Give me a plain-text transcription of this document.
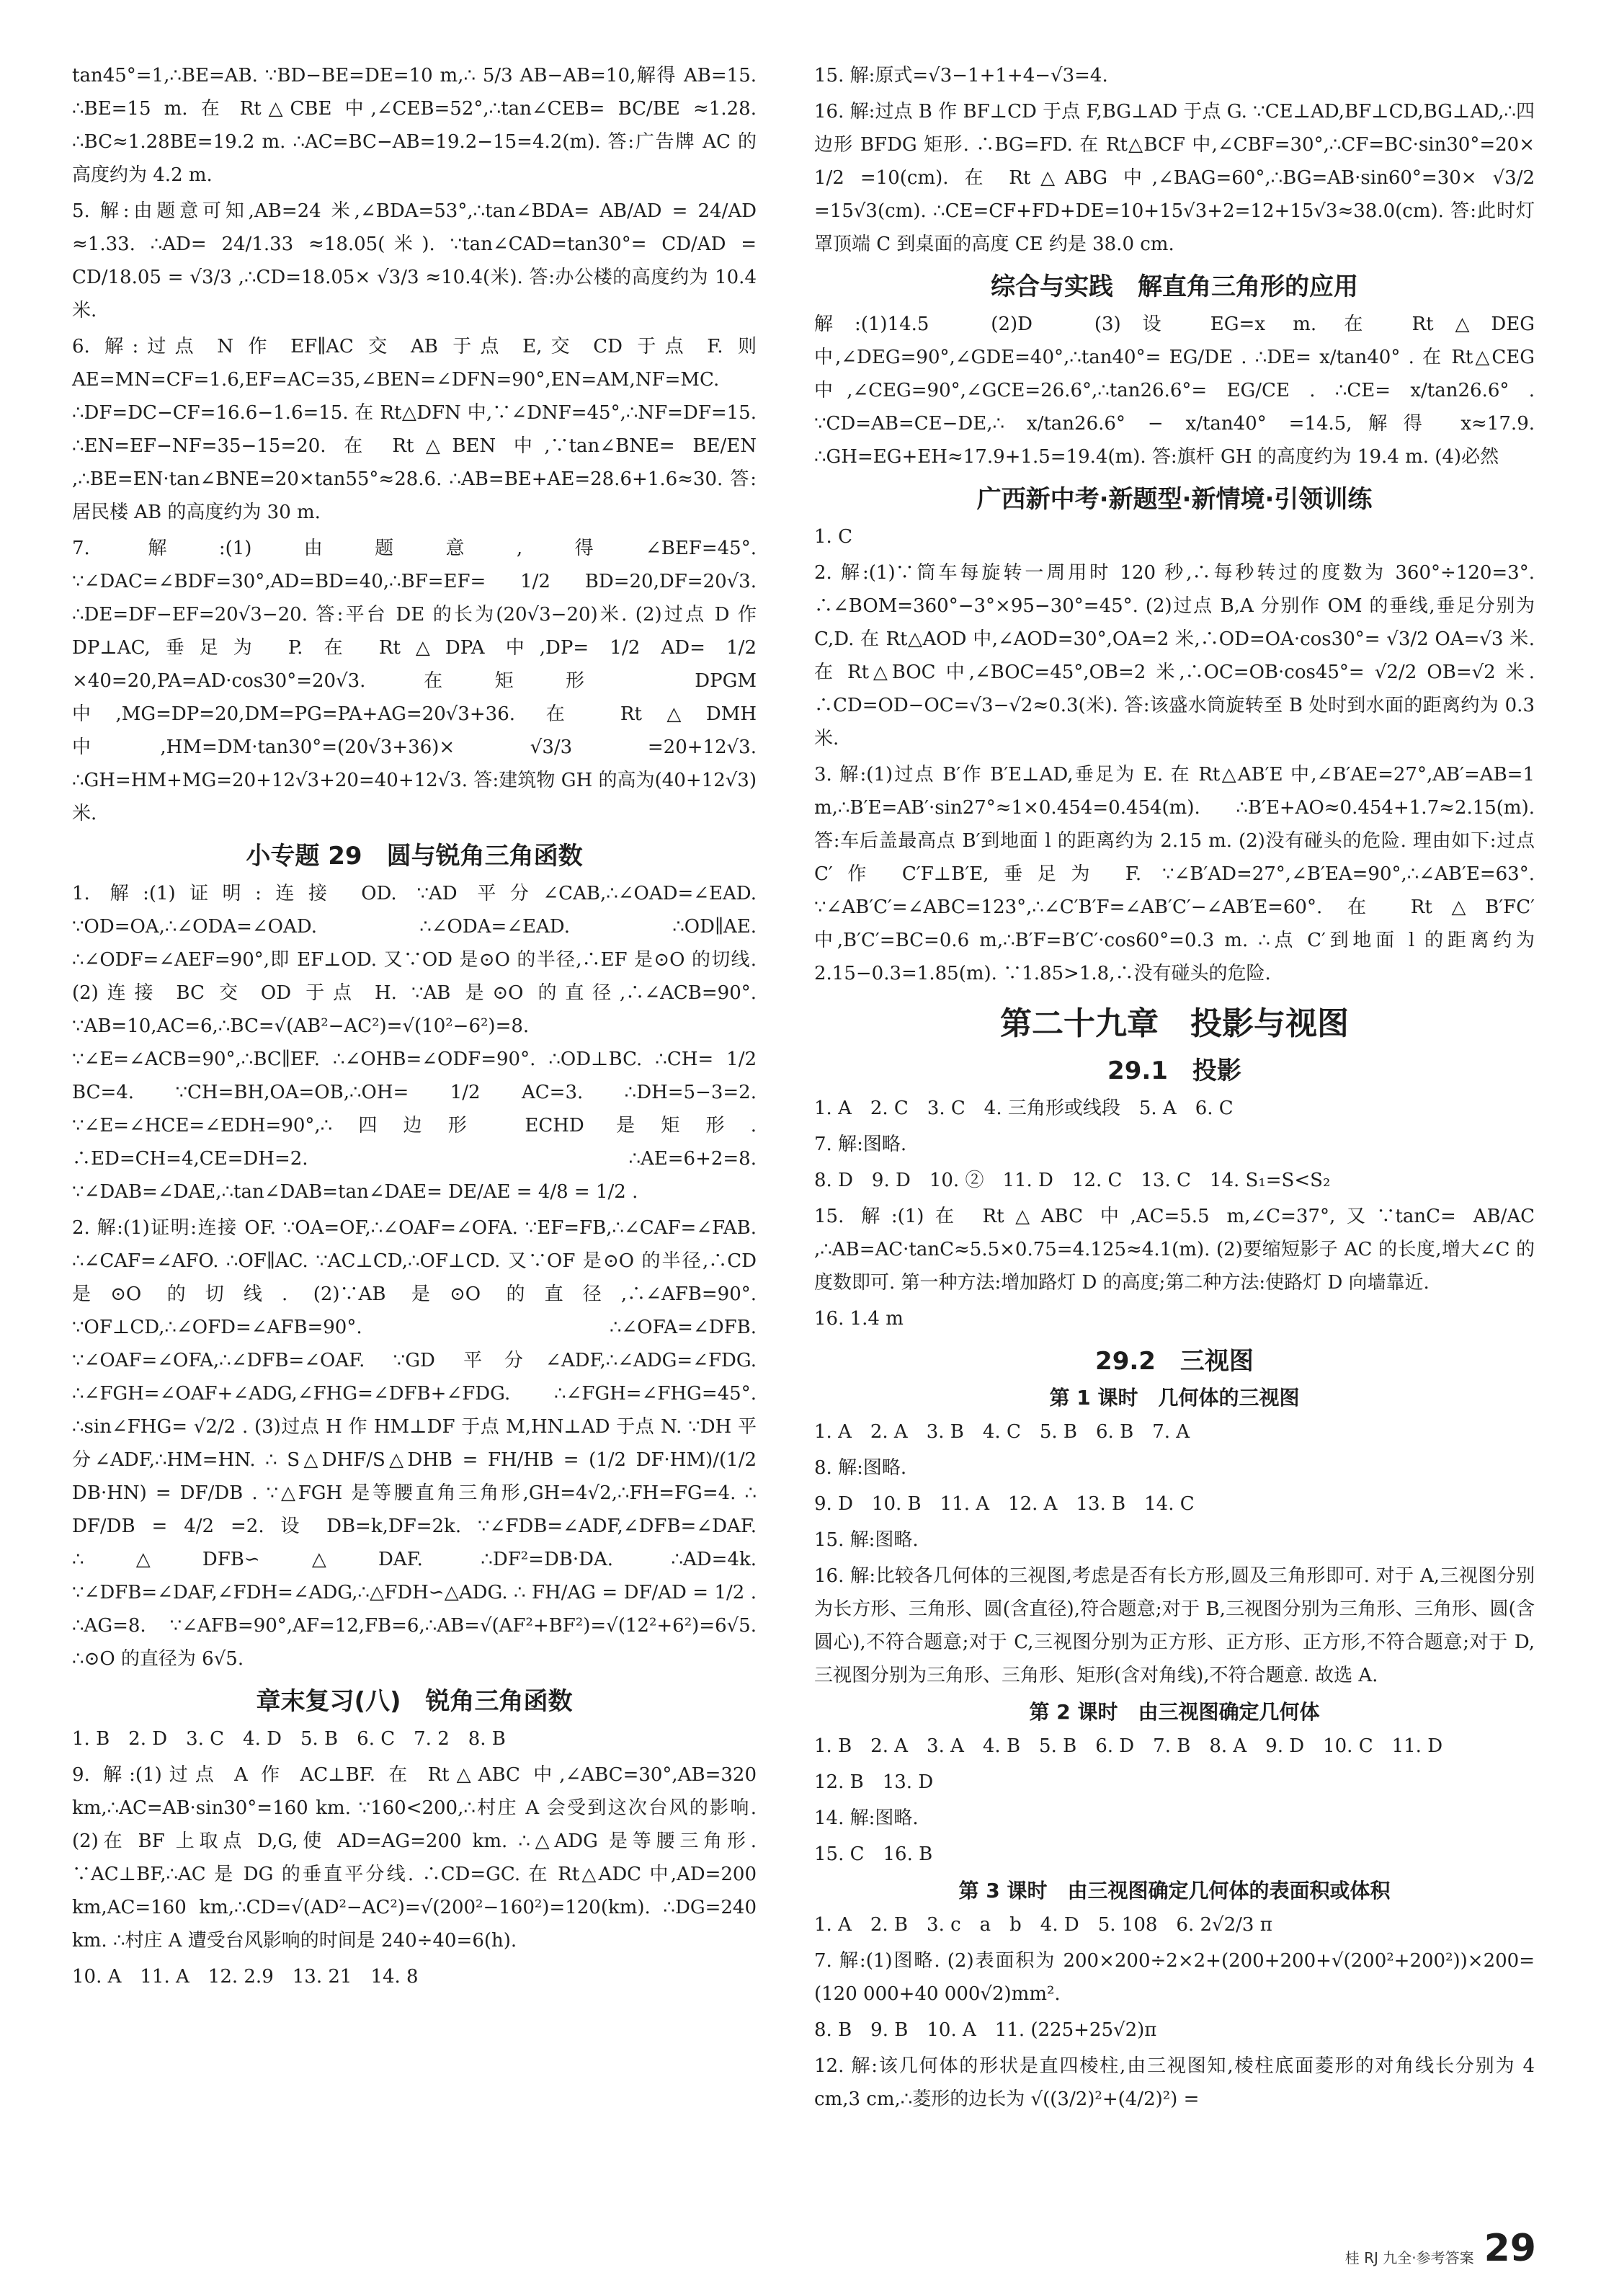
tan45°=1,∴BE=AB. ∵BD−BE=DE=10 m,∴ 5/3 AB−AB=10,解得 AB=15. ∴BE=15 m. 在 Rt△CBE 中,∠CEB=52°,∴tan∠CEB= BC/BE ≈1.28. ∴BC≈1.28BE=19.2 m. ∴AC=BC−AB=19.2−15=4.2(m). 答:广告牌 AC 的高度约为 4.2 m.
5. 解:由题意可知,AB=24 米,∠BDA=53°,∴tan∠BDA= AB/AD = 24/AD ≈1.33. ∴AD= 24/1.33 ≈18.05(米). ∵tan∠CAD=tan30°= CD/AD = CD/18.05 = √3/3 ,∴CD=18.05× √3/3 ≈10.4(米). 答:办公楼的高度约为 10.4 米.
6. 解:过点 N 作 EF∥AC 交 AB 于点 E,交 CD 于点 F. 则 AE=MN=CF=1.6,EF=AC=35,∠BEN=∠DFN=90°,EN=AM,NF=MC. ∴DF=DC−CF=16.6−1.6=15. 在 Rt△DFN 中,∵∠DNF=45°,∴NF=DF=15. ∴EN=EF−NF=35−15=20. 在 Rt△BEN 中,∵tan∠BNE= BE/EN ,∴BE=EN·tan∠BNE=20×tan55°≈28.6. ∴AB=BE+AE=28.6+1.6≈30. 答:居民楼 AB 的高度约为 30 m.
7. 解:(1)由题意,得∠BEF=45°. ∵∠DAC=∠BDF=30°,AD=BD=40,∴BF=EF= 1/2 BD=20,DF=20√3. ∴DE=DF−EF=20√3−20. 答:平台 DE 的长为(20√3−20)米. (2)过点 D 作 DP⊥AC,垂足为 P. 在 Rt△DPA 中,DP= 1/2 AD= 1/2 ×40=20,PA=AD·cos30°=20√3. 在矩形 DPGM 中,MG=DP=20,DM=PG=PA+AG=20√3+36. 在 Rt△DMH 中,HM=DM·tan30°=(20√3+36)× √3/3 =20+12√3. ∴GH=HM+MG=20+12√3+20=40+12√3. 答:建筑物 GH 的高为(40+12√3)米.
小专题 29　圆与锐角三角函数
1. 解:(1)证明:连接 OD. ∵AD 平分∠CAB,∴∠OAD=∠EAD. ∵OD=OA,∴∠ODA=∠OAD. ∴∠ODA=∠EAD. ∴OD∥AE. ∴∠ODF=∠AEF=90°,即 EF⊥OD. 又∵OD 是⊙O 的半径,∴EF 是⊙O 的切线. (2)连接 BC 交 OD 于点 H. ∵AB 是⊙O 的直径,∴∠ACB=90°. ∵AB=10,AC=6,∴BC=√(AB²−AC²)=√(10²−6²)=8. ∵∠E=∠ACB=90°,∴BC∥EF. ∴∠OHB=∠ODF=90°. ∴OD⊥BC. ∴CH= 1/2 BC=4. ∵CH=BH,OA=OB,∴OH= 1/2 AC=3. ∴DH=5−3=2. ∵∠E=∠HCE=∠EDH=90°,∴四边形 ECHD 是矩形. ∴ED=CH=4,CE=DH=2. ∴AE=6+2=8. ∵∠DAB=∠DAE,∴tan∠DAB=tan∠DAE= DE/AE = 4/8 = 1/2 .
2. 解:(1)证明:连接 OF. ∵OA=OF,∴∠OAF=∠OFA. ∵EF=FB,∴∠CAF=∠FAB. ∴∠CAF=∠AFO. ∴OF∥AC. ∵AC⊥CD,∴OF⊥CD. 又∵OF 是⊙O 的半径,∴CD 是⊙O 的切线. (2)∵AB 是⊙O 的直径,∴∠AFB=90°. ∵OF⊥CD,∴∠OFD=∠AFB=90°. ∴∠OFA=∠DFB. ∵∠OAF=∠OFA,∴∠DFB=∠OAF. ∵GD 平分∠ADF,∴∠ADG=∠FDG. ∴∠FGH=∠OAF+∠ADG,∠FHG=∠DFB+∠FDG. ∴∠FGH=∠FHG=45°. ∴sin∠FHG= √2/2 . (3)过点 H 作 HM⊥DF 于点 M,HN⊥AD 于点 N. ∵DH 平分∠ADF,∴HM=HN. ∴ S△DHF/S△DHB = FH/HB = (1/2 DF·HM)/(1/2 DB·HN) = DF/DB . ∵△FGH 是等腰直角三角形,GH=4√2,∴FH=FG=4. ∴ DF/DB = 4/2 =2. 设 DB=k,DF=2k. ∵∠FDB=∠ADF,∠DFB=∠DAF. ∴△DFB∽△DAF. ∴DF²=DB·DA. ∴AD=4k. ∵∠DFB=∠DAF,∠FDH=∠ADG,∴△FDH∽△ADG. ∴ FH/AG = DF/AD = 1/2 . ∴AG=8. ∵∠AFB=90°,AF=12,FB=6,∴AB=√(AF²+BF²)=√(12²+6²)=6√5. ∴⊙O 的直径为 6√5.
章末复习(八)　锐角三角函数
1. B　2. D　3. C　4. D　5. B　6. C　7. 2　8. B
9. 解:(1)过点 A 作 AC⊥BF. 在 Rt△ABC 中,∠ABC=30°,AB=320 km,∴AC=AB·sin30°=160 km. ∵160<200,∴村庄 A 会受到这次台风的影响. (2)在 BF 上取点 D,G,使 AD=AG=200 km. ∴△ADG 是等腰三角形. ∵AC⊥BF,∴AC 是 DG 的垂直平分线. ∴CD=GC. 在 Rt△ADC 中,AD=200 km,AC=160 km,∴CD=√(AD²−AC²)=√(200²−160²)=120(km). ∴DG=240 km. ∴村庄 A 遭受台风影响的时间是 240÷40=6(h).
10. A　11. A　12. 2.9　13. 21　14. 8
15. 解:原式=√3−1+1+4−√3=4.
16. 解:过点 B 作 BF⊥CD 于点 F,BG⊥AD 于点 G. ∵CE⊥AD,BF⊥CD,BG⊥AD,∴四边形 BFDG 矩形. ∴BG=FD. 在 Rt△BCF 中,∠CBF=30°,∴CF=BC·sin30°=20× 1/2 =10(cm). 在 Rt△ABG 中,∠BAG=60°,∴BG=AB·sin60°=30× √3/2 =15√3(cm). ∴CE=CF+FD+DE=10+15√3+2=12+15√3≈38.0(cm). 答:此时灯罩顶端 C 到桌面的高度 CE 约是 38.0 cm.
综合与实践　解直角三角形的应用
解:(1)14.5　(2)D　(3)设 EG=x m. 在 Rt△DEG 中,∠DEG=90°,∠GDE=40°,∴tan40°= EG/DE . ∴DE= x/tan40° . 在 Rt△CEG 中,∠CEG=90°,∠GCE=26.6°,∴tan26.6°= EG/CE . ∴CE= x/tan26.6° . ∵CD=AB=CE−DE,∴ x/tan26.6° − x/tan40° =14.5,解得 x≈17.9. ∴GH=EG+EH≈17.9+1.5=19.4(m). 答:旗杆 GH 的高度约为 19.4 m. (4)必然
广西新中考·新题型·新情境·引领训练
1. C
2. 解:(1)∵筒车每旋转一周用时 120 秒,∴每秒转过的度数为 360°÷120=3°. ∴∠BOM=360°−3°×95−30°=45°. (2)过点 B,A 分别作 OM 的垂线,垂足分别为 C,D. 在 Rt△AOD 中,∠AOD=30°,OA=2 米,∴OD=OA·cos30°= √3/2 OA=√3 米. 在 Rt△BOC 中,∠BOC=45°,OB=2 米,∴OC=OB·cos45°= √2/2 OB=√2 米. ∴CD=OD−OC=√3−√2≈0.3(米). 答:该盛水筒旋转至 B 处时到水面的距离约为 0.3 米.
3. 解:(1)过点 B′作 B′E⊥AD,垂足为 E. 在 Rt△AB′E 中,∠B′AE=27°,AB′=AB=1 m,∴B′E=AB′·sin27°≈1×0.454=0.454(m). ∴B′E+AO≈0.454+1.7≈2.15(m). 答:车后盖最高点 B′到地面 l 的距离约为 2.15 m. (2)没有碰头的危险. 理由如下:过点 C′作 C′F⊥B′E,垂足为 F. ∵∠B′AD=27°,∠B′EA=90°,∴∠AB′E=63°. ∵∠AB′C′=∠ABC=123°,∴∠C′B′F=∠AB′C′−∠AB′E=60°. 在 Rt△B′FC′中,B′C′=BC=0.6 m,∴B′F=B′C′·cos60°=0.3 m. ∴点 C′到地面 l 的距离约为 2.15−0.3=1.85(m). ∵1.85>1.8,∴没有碰头的危险.
第二十九章　投影与视图
29.1　投影
1. A　2. C　3. C　4. 三角形或线段　5. A　6. C
7. 解:图略.
8. D　9. D　10. ②　11. D　12. C　13. C　14. S₁=S<S₂
15. 解:(1)在 Rt△ABC 中,AC=5.5 m,∠C=37°,又∵tanC= AB/AC ,∴AB=AC·tanC≈5.5×0.75=4.125≈4.1(m). (2)要缩短影子 AC 的长度,增大∠C 的度数即可. 第一种方法:增加路灯 D 的高度;第二种方法:使路灯 D 向墙靠近.
16. 1.4 m
29.2　三视图
第 1 课时　几何体的三视图
1. A　2. A　3. B　4. C　5. B　6. B　7. A
8. 解:图略.
9. D　10. B　11. A　12. A　13. B　14. C
15. 解:图略.
16. 解:比较各几何体的三视图,考虑是否有长方形,圆及三角形即可. 对于 A,三视图分别为长方形、三角形、圆(含直径),符合题意;对于 B,三视图分别为三角形、三角形、圆(含圆心),不符合题意;对于 C,三视图分别为正方形、正方形、正方形,不符合题意;对于 D,三视图分别为三角形、三角形、矩形(含对角线),不符合题意. 故选 A.
第 2 课时　由三视图确定几何体
1. B　2. A　3. A　4. B　5. B　6. D　7. B　8. A　9. D　10. C　11. D
12. B　13. D
14. 解:图略.
15. C　16. B
第 3 课时　由三视图确定几何体的表面积或体积
1. A　2. B　3. c　a　b　4. D　5. 108　6. 2√2/3 π
7. 解:(1)图略. (2)表面积为 200×200÷2×2+(200+200+√(200²+200²))×200=(120 000+40 000√2)mm².
8. B　9. B　10. A　11. (225+25√2)π
12. 解:该几何体的形状是直四棱柱,由三视图知,棱柱底面菱形的对角线长分别为 4 cm,3 cm,∴菱形的边长为 √((3/2)²+(4/2)²) =
桂 RJ 九全·参考答案 29
